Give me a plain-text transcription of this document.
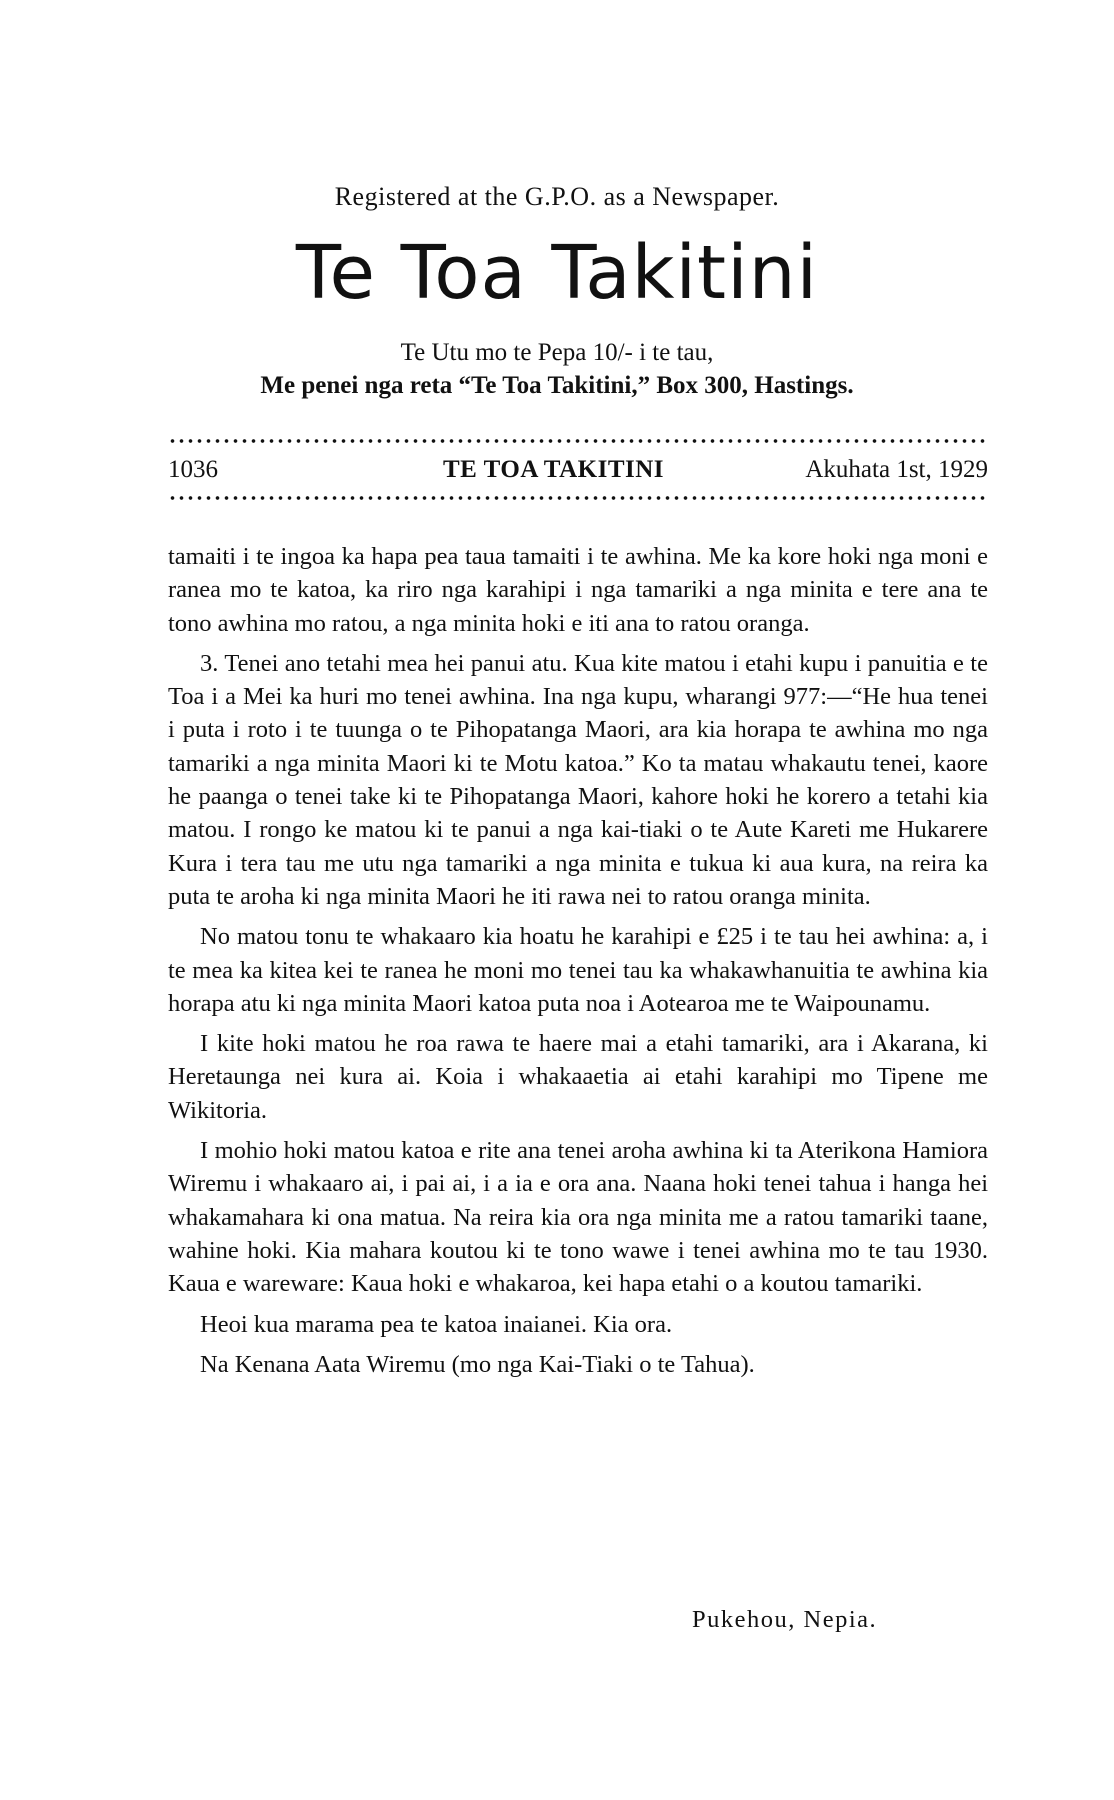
Registered at the G.P.O. as a Newspaper.
Te Toa Takitini
Te Utu mo te Pepa 10/- i te tau,
Me penei nga reta “Te Toa Takitini,” Box 300, Hastings.
1036	TE TOA TAKITINI	Akuhata 1st, 1929

tamaiti i te ingoa ka hapa pea taua tamaiti i te awhina. Me ka kore hoki nga moni e ranea mo te katoa, ka riro nga karahipi i nga tamariki a nga minita e tere ana te tono awhina mo ratou, a nga minita hoki e iti ana to ratou oranga.

3. Tenei ano tetahi mea hei panui atu. Kua kite matou i etahi kupu i panuitia e te Toa i a Mei ka huri mo tenei awhina. Ina nga kupu, wharangi 977:—“He hua tenei i puta i roto i te tuunga o te Pihopatanga Maori, ara kia horapa te awhina mo nga tamariki a nga minita Maori ki te Motu katoa.” Ko ta matau whakautu tenei, kaore he paanga o tenei take ki te Pihopatanga Maori, kahore hoki he korero a tetahi kia matou. I rongo ke matou ki te panui a nga kai-tiaki o te Aute Kareti me Hukarere Kura i tera tau me utu nga tamariki a nga minita e tukua ki aua kura, na reira ka puta te aroha ki nga minita Maori he iti rawa nei to ratou oranga minita.

No matou tonu te whakaaro kia hoatu he karahipi e £25 i te tau hei awhina: a, i te mea ka kitea kei te ranea he moni mo tenei tau ka whakawhanuitia te awhina kia horapa atu ki nga minita Maori katoa puta noa i Aotearoa me te Waipounamu.

I kite hoki matou he roa rawa te haere mai a etahi tamariki, ara i Akarana, ki Heretaunga nei kura ai. Koia i whakaaetia ai etahi karahipi mo Tipene me Wikitoria.

I mohio hoki matou katoa e rite ana tenei aroha awhina ki ta Aterikona Hamiora Wiremu i whakaaro ai, i pai ai, i a ia e ora ana. Naana hoki tenei tahua i hanga hei whakamahara ki ona matua. Na reira kia ora nga minita me a ratou tamariki taane, wahine hoki. Kia mahara koutou ki te tono wawe i tenei awhina mo te tau 1930. Kaua e wareware: Kaua hoki e whakaroa, kei hapa etahi o a koutou tamariki.

Heoi kua marama pea te katoa inaianei. Kia ora.

Na Kenana Aata Wiremu (mo nga Kai-Tiaki o te Tahua).

Pukehou, Nepia.
